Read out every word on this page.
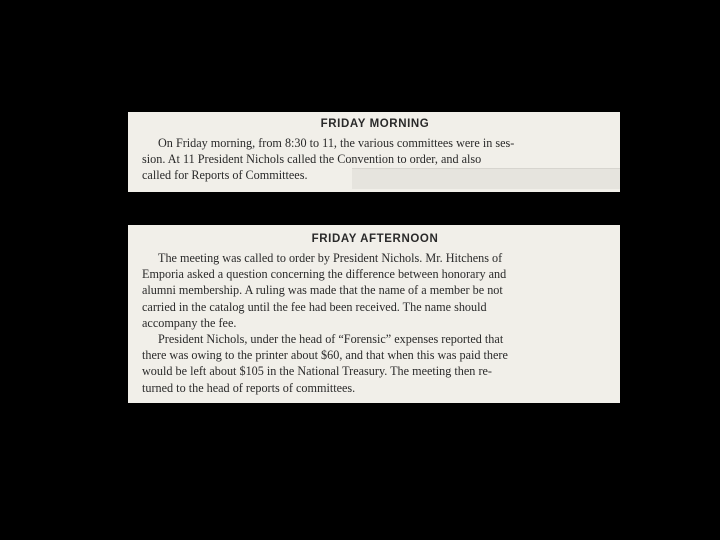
FRIDAY MORNING

On Friday morning, from 8:30 to 11, the various committees were in ses-
sion. At 11 President Nichols called the Convention to order, and also
called for Reports of Committees.

FRIDAY AFTERNOON

The meeting was called to order by President Nichols. Mr. Hitchens of
Emporia asked a question concerning the difference between honorary and
alumni membership. A ruling was made that the name of a member be not
carried in the catalog until the fee had been received. The name should
accompany the fee.

President Nichols, under the head of “Forensic” expenses reported that
there was owing to the printer about $60, and that when this was paid there
would be left about $105 in the National Treasury. The meeting then re-
turned to the head of reports of committees.
